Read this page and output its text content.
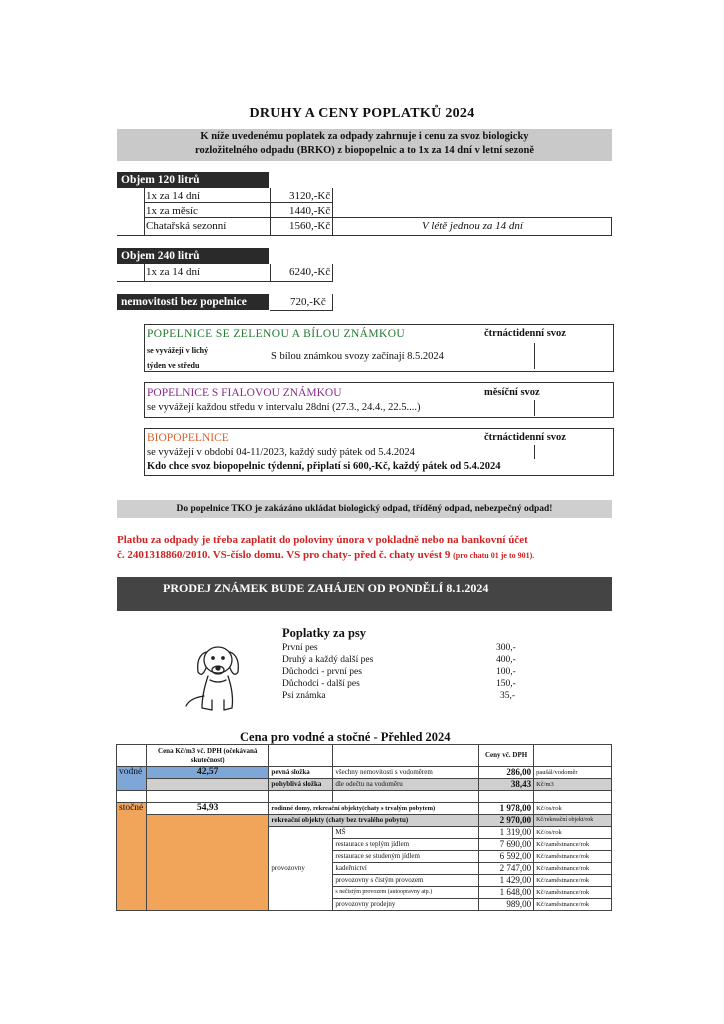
DRUHY A CENY POPLATKŮ 2024
K níže uvedenému poplatek za odpady zahrnuje i cenu za svoz biologicky
rozložitelného odpadu (BRKO) z biopopelnic a to 1x za 14 dní v letní sezoně
Objem 120 litrů
1x za 14 dní	3120,-Kč
1x za měsíc	1440,-Kč
Chatařská sezonní	1560,-Kč	V létě jednou za 14 dní
Objem 240 litrů
1x za 14 dní	6240,-Kč
nemovitosti bez popelnice	720,-Kč
POPELNICE SE ZELENOU A BÍLOU ZNÁMKOU	čtrnáctidenní svoz
se vyvážejí v lichý
týden ve středu
S bílou známkou svozy začínají 8.5.2024
POPELNICE S FIALOVOU ZNÁMKOU	měsíční svoz
se vyvážejí každou středu v intervalu 28dní (27.3., 24.4., 22.5....)
BIOPOPELNICE	čtrnáctidenní svoz
se vyvážejí v období 04-11/2023, každý sudý pátek od 5.4.2024
Kdo chce svoz biopopelnic týdenní, připlatí si 600,-Kč, každý pátek od 5.4.2024
Do popelnice TKO je zakázáno ukládat biologický odpad, tříděný odpad, nebezpečný odpad!
Platbu za odpady je třeba zaplatit do poloviny února v pokladně nebo na bankovní účet
č. 2401318860/2010. VS-číslo domu. VS pro chaty- před č. chaty uvést 9 (pro chatu 01 je to 901).
PRODEJ ZNÁMEK BUDE ZAHÁJEN OD PONDĚLÍ 8.1.2024
Poplatky za psy
První pes	300,-
Druhý a každý další pes	400,-
Důchodci - první pes	100,-
Důchodci - další pes	150,-
Psí známka	35,-
Cena pro vodné a stočné - Přehled 2024
	Cena Kč/m3 vč. DPH (očekávaná skutečnost)			Ceny vč. DPH	
vodné	42,57	pevná složka	všechny nemovitosti s vodoměrem	286,00	paušál/vodoměr
		pohyblivá složka	dle odečtu na vodoměru	38,43	Kč/m3

stočné	54,93	rodinné domy, rekreační objekty(chaty s trvalým pobytem)		1 978,00	Kč/os/rok
		rekreační objekty (chaty bez trvalého pobytu)		2 970,00	Kč/rekreační objekt/rok
		provozovny	MŠ	1 319,00	Kč/os/rok
			restaurace s teplým jídlem	7 690,00	Kč/zaměstnance/rok
			restaurace se studeným jídlem	6 592,00	Kč/zaměstnance/rok
			kadeřnictví	2 747,00	Kč/zaměstnance/rok
			provozovny s čistým provozem	1 429,00	Kč/zaměstnance/rok
			s nečistým provozem (autoopravny atp.)	1 648,00	Kč/zaměstnance/rok
			provozovny prodejny	989,00	Kč/zaměstnance/rok
